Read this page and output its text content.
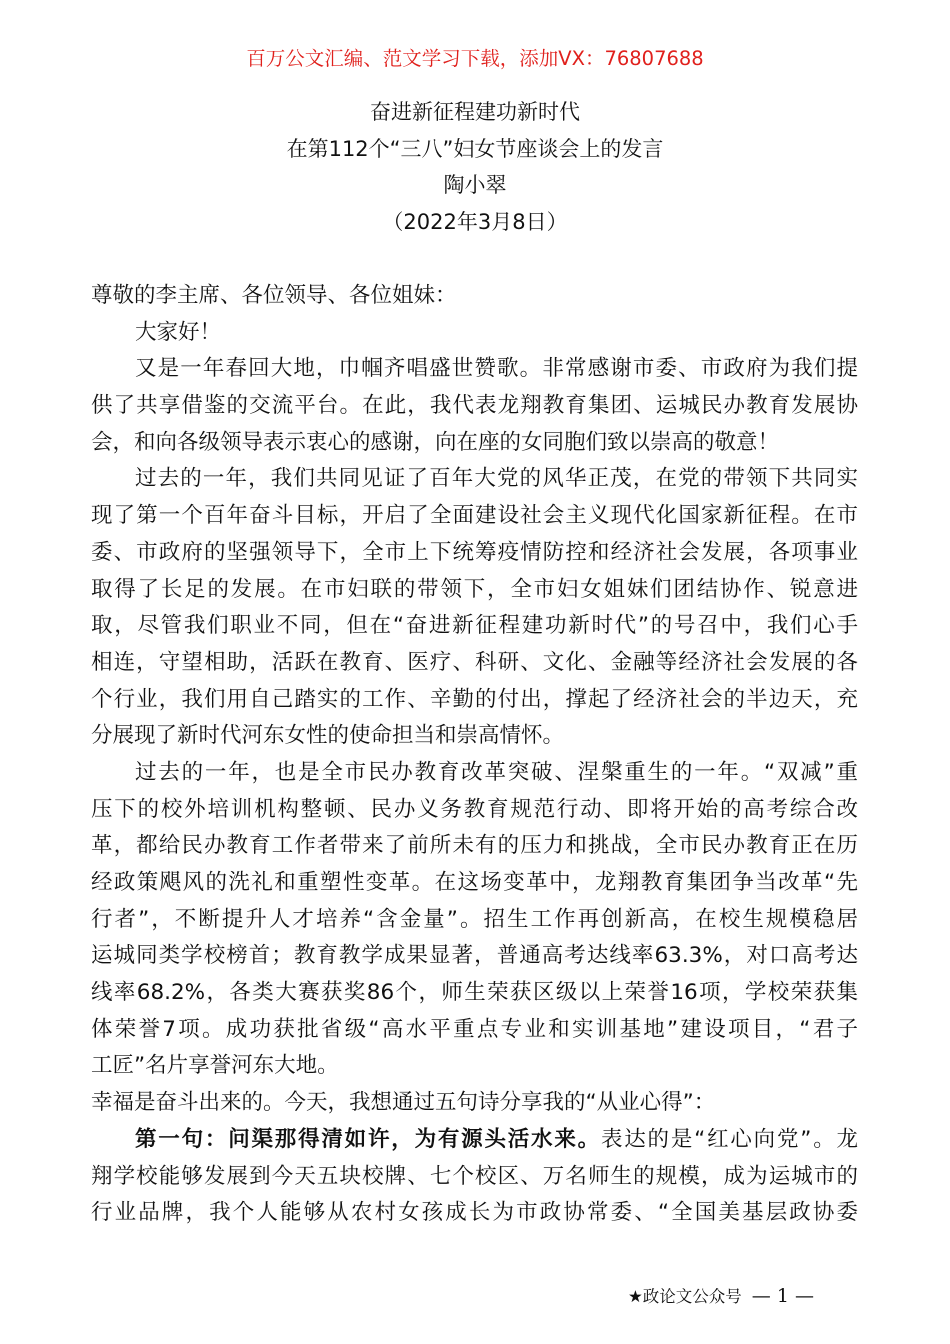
百万公文汇编、范文学习下载，添加VX：76807688
奋进新征程建功新时代
在第112个“三八”妇女节座谈会上的发言
陶小翠
（2022年3月8日）
尊敬的李主席、各位领导、各位姐妹：
大家好！
又是一年春回大地，巾帼齐唱盛世赞歌。非常感谢市委、市政府为我们提
供了共享借鉴的交流平台。在此，我代表龙翔教育集团、运城民办教育发展协
会，和向各级领导表示衷心的感谢，向在座的女同胞们致以崇高的敬意！
过去的一年，我们共同见证了百年大党的风华正茂，在党的带领下共同实
现了第一个百年奋斗目标，开启了全面建设社会主义现代化国家新征程。在市
委、市政府的坚强领导下，全市上下统筹疫情防控和经济社会发展，各项事业
取得了长足的发展。在市妇联的带领下，全市妇女姐妹们团结协作、锐意进
取，尽管我们职业不同，但在“奋进新征程建功新时代”的号召中，我们心手
相连，守望相助，活跃在教育、医疗、科研、文化、金融等经济社会发展的各
个行业，我们用自己踏实的工作、辛勤的付出，撑起了经济社会的半边天，充
分展现了新时代河东女性的使命担当和崇高情怀。
过去的一年，也是全市民办教育改革突破、涅槃重生的一年。“双减”重
压下的校外培训机构整顿、民办义务教育规范行动、即将开始的高考综合改
革，都给民办教育工作者带来了前所未有的压力和挑战，全市民办教育正在历
经政策飓风的洗礼和重塑性变革。在这场变革中，龙翔教育集团争当改革“先
行者”，不断提升人才培养“含金量”。招生工作再创新高，在校生规模稳居
运城同类学校榜首；教育教学成果显著，普通高考达线率63.3%，对口高考达
线率68.2%，各类大赛获奖86个，师生荣获区级以上荣誉16项，学校荣获集
体荣誉7项。成功获批省级“高水平重点专业和实训基地”建设项目，“君子
工匠”名片享誉河东大地。
幸福是奋斗出来的。今天，我想通过五句诗分享我的“从业心得”：
第一句：问渠那得清如许，为有源头活水来。表达的是“红心向党”。龙
翔学校能够发展到今天五块校牌、七个校区、万名师生的规模，成为运城市的
行业品牌，我个人能够从农村女孩成长为市政协常委、“全国美基层政协委
★政论文公众号 — 1 —
